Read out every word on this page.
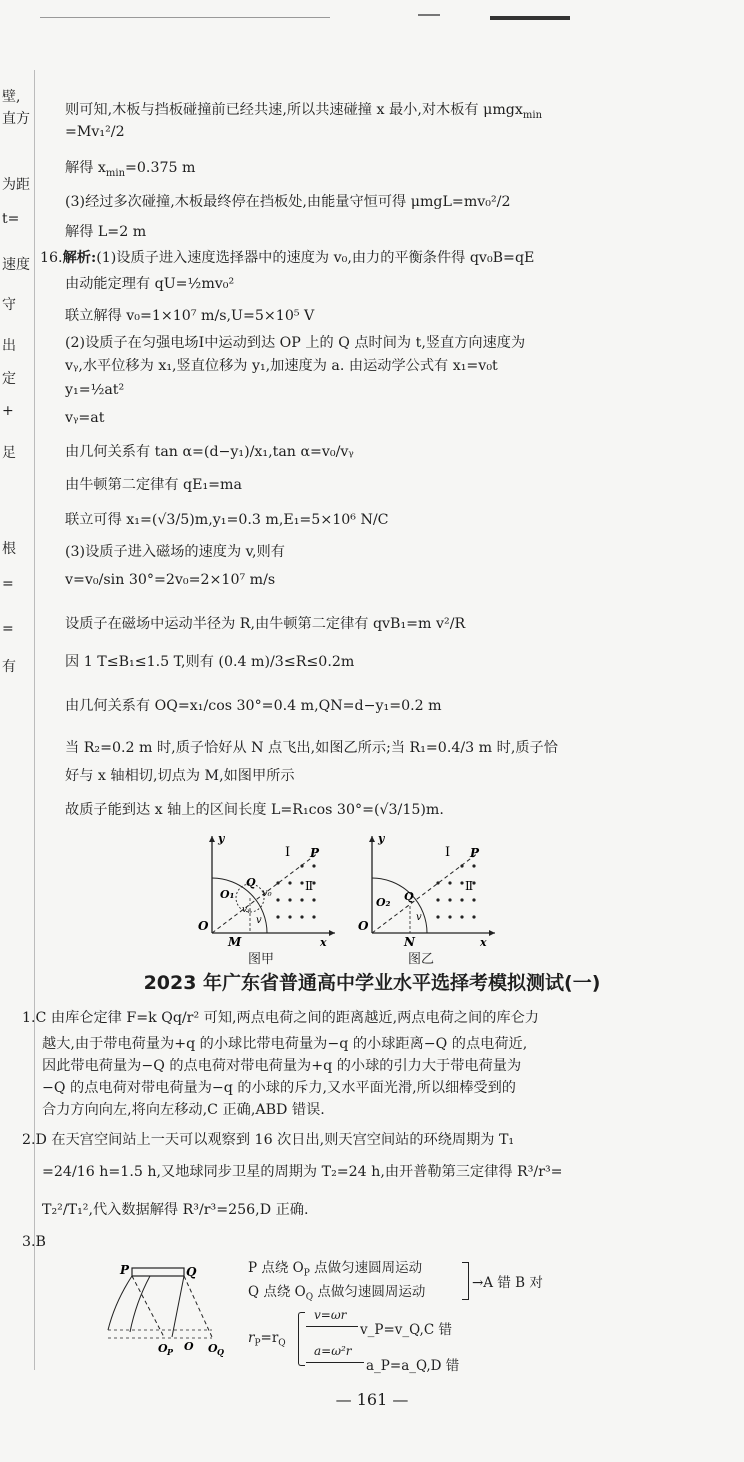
壁,
直方
为距
t=
速度
守
出
定
+
足
根
=
=
有
则可知,木板与挡板碰撞前已经共速,所以共速碰撞 x 最小,对木板有 μmgx$_{min}$
=Mv₁²/2
解得 $x_{min}=0.375$ m
(3)经过多次碰撞,木板最终停在挡板处,由能量守恒可得 μmgL=mv₀²/2
解得 L=2 m
16.解析:(1)设质子进入速度选择器中的速度为 v₀,由力的平衡条件得 qv₀B=qE
由动能定理有 qU=½mv₀²
联立解得 v₀=1×10⁷ m/s,U=5×10⁵ V
(2)设质子在匀强电场Ⅰ中运动到达 OP 上的 Q 点时间为 t,竖直方向速度为
vᵧ,水平位移为 x₁,竖直位移为 y₁,加速度为 a. 由运动学公式有 x₁=v₀t
y₁=½at²
vᵧ=at
由几何关系有 tan α=(d−y₁)/x₁,tan α=v₀/vᵧ
由牛顿第二定律有 qE₁=ma
联立可得 x₁=(√3/5)m,y₁=0.3 m,E₁=5×10⁶ N/C
(3)设质子进入磁场的速度为 v,则有
v=v₀/sin 30°=2v₀=2×10⁷ m/s
设质子在磁场中运动半径为 R,由牛顿第二定律有 qvB₁=m v²/R
因 1 T≤B₁≤1.5 T,则有 (0.4 m)/3≤R≤0.2m
由几何关系有 OQ=x₁/cos 30°=0.4 m,QN=d−y₁=0.2 m
当 R₂=0.2 m 时,质子恰好从 N 点飞出,如图乙所示;当 R₁=0.4/3 m 时,质子恰
好与 x 轴相切,切点为 M,如图甲所示
故质子能到达 x 轴上的区间长度 L=R₁cos 30°=(√3/15)m.
y
Ⅰ P
Ⅱ
O₁
Q
v₀
v
vᵧ
O
M	x
图甲
y
Ⅰ P
Ⅱ
O₂ Q
v
O
N	x
图乙
2023 年广东省普通高中学业水平选择考模拟测试(一)
1.C 由库仑定律 F=k Qq/r² 可知,两点电荷之间的距离越近,两点电荷之间的库仑力
越大,由于带电荷量为+q 的小球比带电荷量为−q 的小球距离−Q 的点电荷近,
因此带电荷量为−Q 的点电荷对带电荷量为+q 的小球的引力大于带电荷量为
−Q 的点电荷对带电荷量为−q 的小球的斥力,又水平面光滑,所以细棒受到的
合力方向向左,将向左移动,C 正确,ABD 错误.
2.D 在天宫空间站上一天可以观察到 16 次日出,则天宫空间站的环绕周期为 T₁
=24/16 h=1.5 h,又地球同步卫星的周期为 T₂=24 h,由开普勒第三定律得 R³/r³=
T₂²/T₁²,代入数据解得 R³/r³=256,D 正确.
3.B
P	Q
O P O O Q
P 点绕 $O_P$ 点做匀速圆周运动
Q 点绕 $O_Q$ 点做匀速圆周运动
→A 错 B 对
$r_P=r_Q$
v=ωr
v_P=v_Q,C 错
a=ω²r
a_P=a_Q,D 错
— 161 —
